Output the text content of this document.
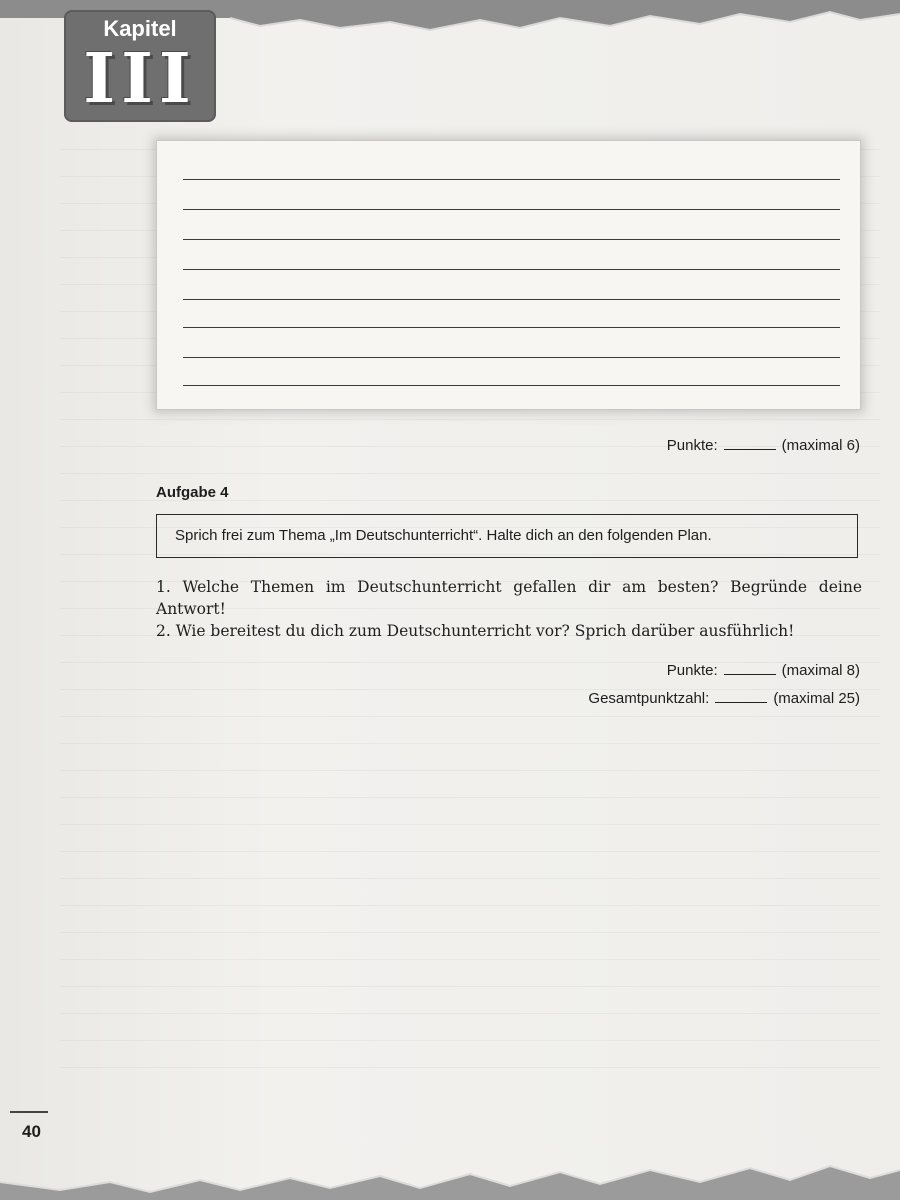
Kapitel
III
Punkte:	(maximal 6)
Aufgabe 4
Sprich frei zum Thema „Im Deutschunterricht“. Halte dich an den folgenden Plan.

1. Welche Themen im Deutschunterricht gefallen dir am besten? Begründe deine Antwort!

2. Wie bereitest du dich zum Deutschunterricht vor? Sprich darüber ausführlich!

Punkte:	(maximal 8)
Gesamtpunktzahl:	(maximal 25)
40
